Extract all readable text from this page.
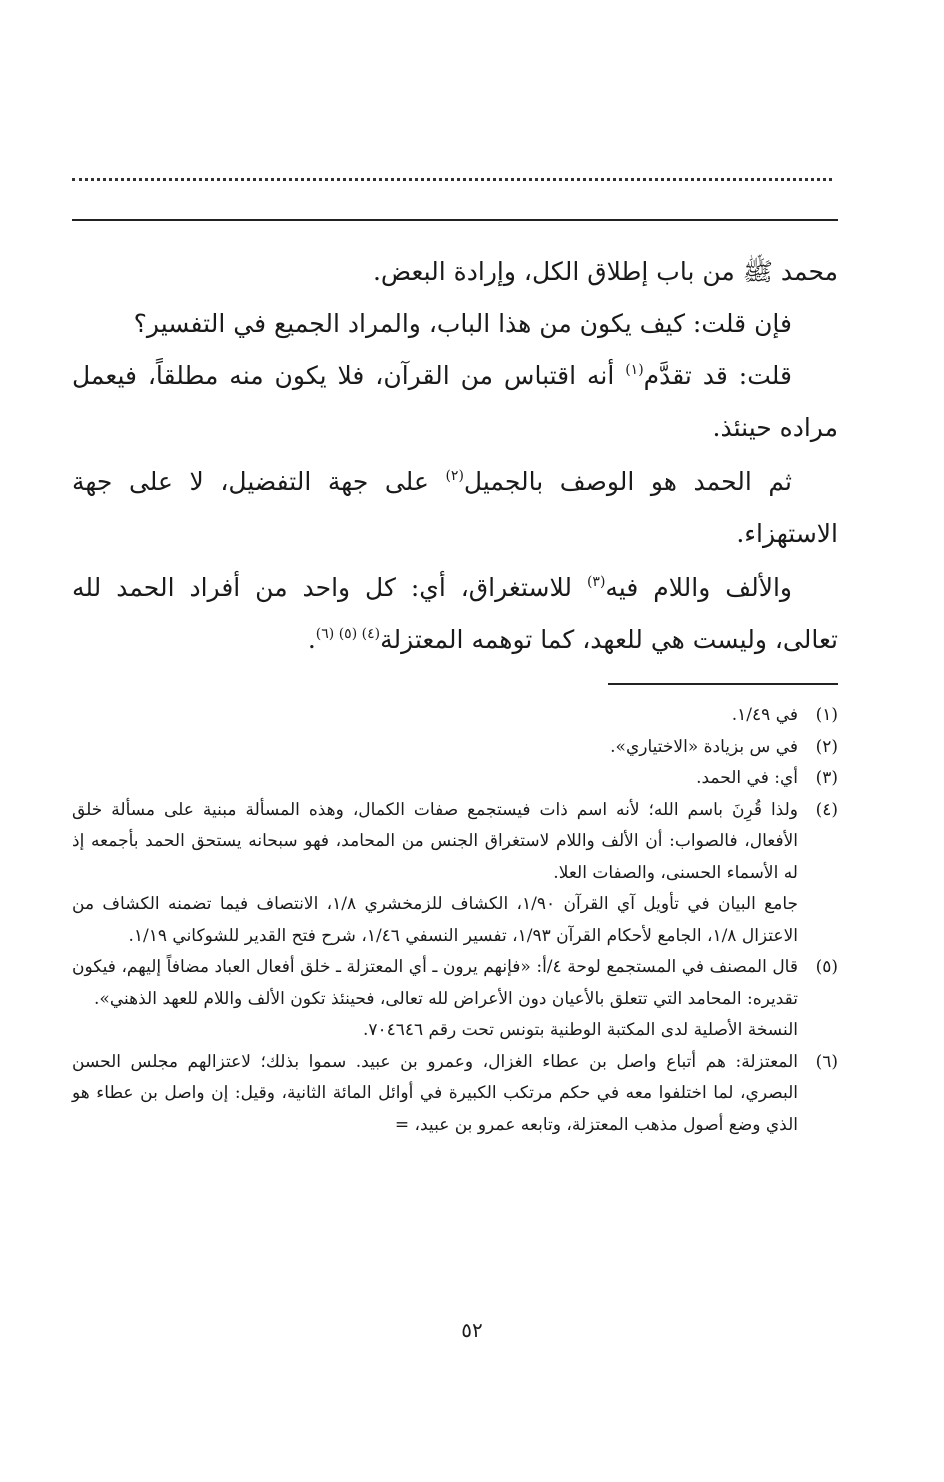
محمد ﷺ من باب إطلاق الكل، وإرادة البعض.

فإن قلت: كيف يكون من هذا الباب، والمراد الجميع في التفسير؟

قلت: قد تقدَّم$^{(١)}$ أنه اقتباس من القرآن، فلا يكون منه مطلقاً، فيعمل مراده حينئذ.

ثم الحمد هو الوصف بالجميل$^{(٢)}$ على جهة التفضيل، لا على جهة الاستهزاء.

والألف واللام فيه$^{(٣)}$ للاستغراق، أي: كل واحد من أفراد الحمد لله تعالى، وليست هي للعهد، كما توهمه المعتزلة$^{(٤) (٥) (٦)}$.

(١)

في ١/٤٩.

(٢)

في س بزيادة «الاختياري».

(٣)

أي: في الحمد.

(٤)

ولذا قُرِنَ باسم الله؛ لأنه اسم ذات فيستجمع صفات الكمال، وهذه المسألة مبنية على مسألة خلق الأفعال، فالصواب: أن الألف واللام لاستغراق الجنس من المحامد، فهو سبحانه يستحق الحمد بأجمعه إذ له الأسماء الحسنى، والصفات العلا.

جامع البيان في تأويل آي القرآن ١/٩٠، الكشاف للزمخشري ١/٨، الانتصاف فيما تضمنه الكشاف من الاعتزال ١/٨، الجامع لأحكام القرآن ١/٩٣، تفسير النسفي ١/٤٦، شرح فتح القدير للشوكاني ١/١٩.

(٥)

قال المصنف في المستجمع لوحة ٤/أ: «فإنهم يرون ـ أي المعتزلة ـ خلق أفعال العباد مضافاً إليهم، فيكون تقديره: المحامد التي تتعلق بالأعيان دون الأعراض لله تعالى، فحينئذ تكون الألف واللام للعهد الذهني».

النسخة الأصلية لدى المكتبة الوطنية بتونس تحت رقم ٧٠٤٦٤٦.

(٦)

المعتزلة: هم أتباع واصل بن عطاء الغزال، وعمرو بن عبيد. سموا بذلك؛ لاعتزالهم مجلس الحسن البصري، لما اختلفوا معه في حكم مرتكب الكبيرة في أوائل المائة الثانية، وقيل: إن واصل بن عطاء هو الذي وضع أصول مذهب المعتزلة، وتابعه عمرو بن عبيد، =

٥٢
